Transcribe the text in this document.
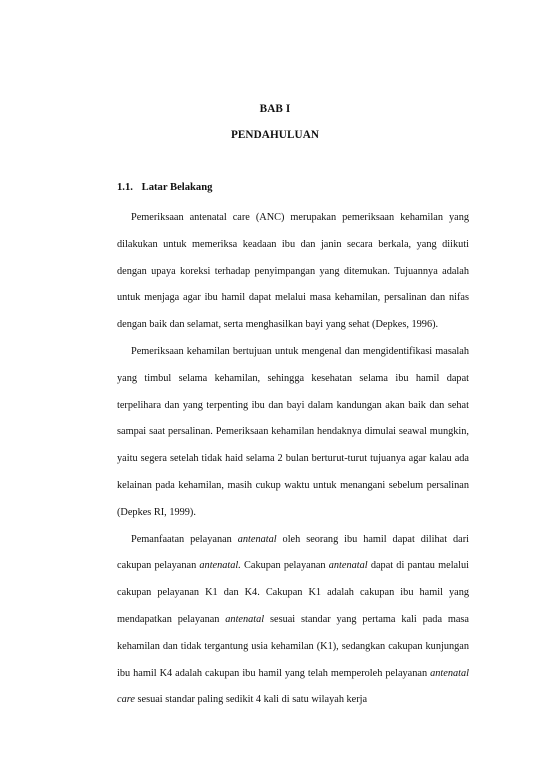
BAB I
PENDAHULUAN
1.1. Latar Belakang

Pemeriksaan antenatal care (ANC) merupakan pemeriksaan kehamilan yang dilakukan untuk memeriksa keadaan ibu dan janin secara berkala, yang diikuti dengan upaya koreksi terhadap penyimpangan yang ditemukan. Tujuannya adalah untuk menjaga agar ibu hamil dapat melalui masa kehamilan, persalinan dan nifas dengan baik dan selamat, serta menghasilkan bayi yang sehat (Depkes, 1996).

Pemeriksaan kehamilan bertujuan untuk mengenal dan mengidentifikasi masalah yang timbul selama kehamilan, sehingga kesehatan selama ibu hamil dapat terpelihara dan yang terpenting ibu dan bayi dalam kandungan akan baik dan sehat sampai saat persalinan. Pemeriksaan kehamilan hendaknya dimulai seawal mungkin, yaitu segera setelah tidak haid selama 2 bulan berturut-turut tujuanya agar kalau ada kelainan pada kehamilan, masih cukup waktu untuk menangani sebelum persalinan (Depkes RI, 1999).

Pemanfaatan pelayanan antenatal oleh seorang ibu hamil dapat dilihat dari cakupan pelayanan antenatal. Cakupan pelayanan antenatal dapat di pantau melalui cakupan pelayanan K1 dan K4. Cakupan K1 adalah cakupan ibu hamil yang mendapatkan pelayanan antenatal sesuai standar yang pertama kali pada masa kehamilan dan tidak tergantung usia kehamilan (K1), sedangkan cakupan kunjungan ibu hamil K4 adalah cakupan ibu hamil yang telah memperoleh pelayanan antenatal care sesuai standar paling sedikit 4 kali di satu wilayah kerja
